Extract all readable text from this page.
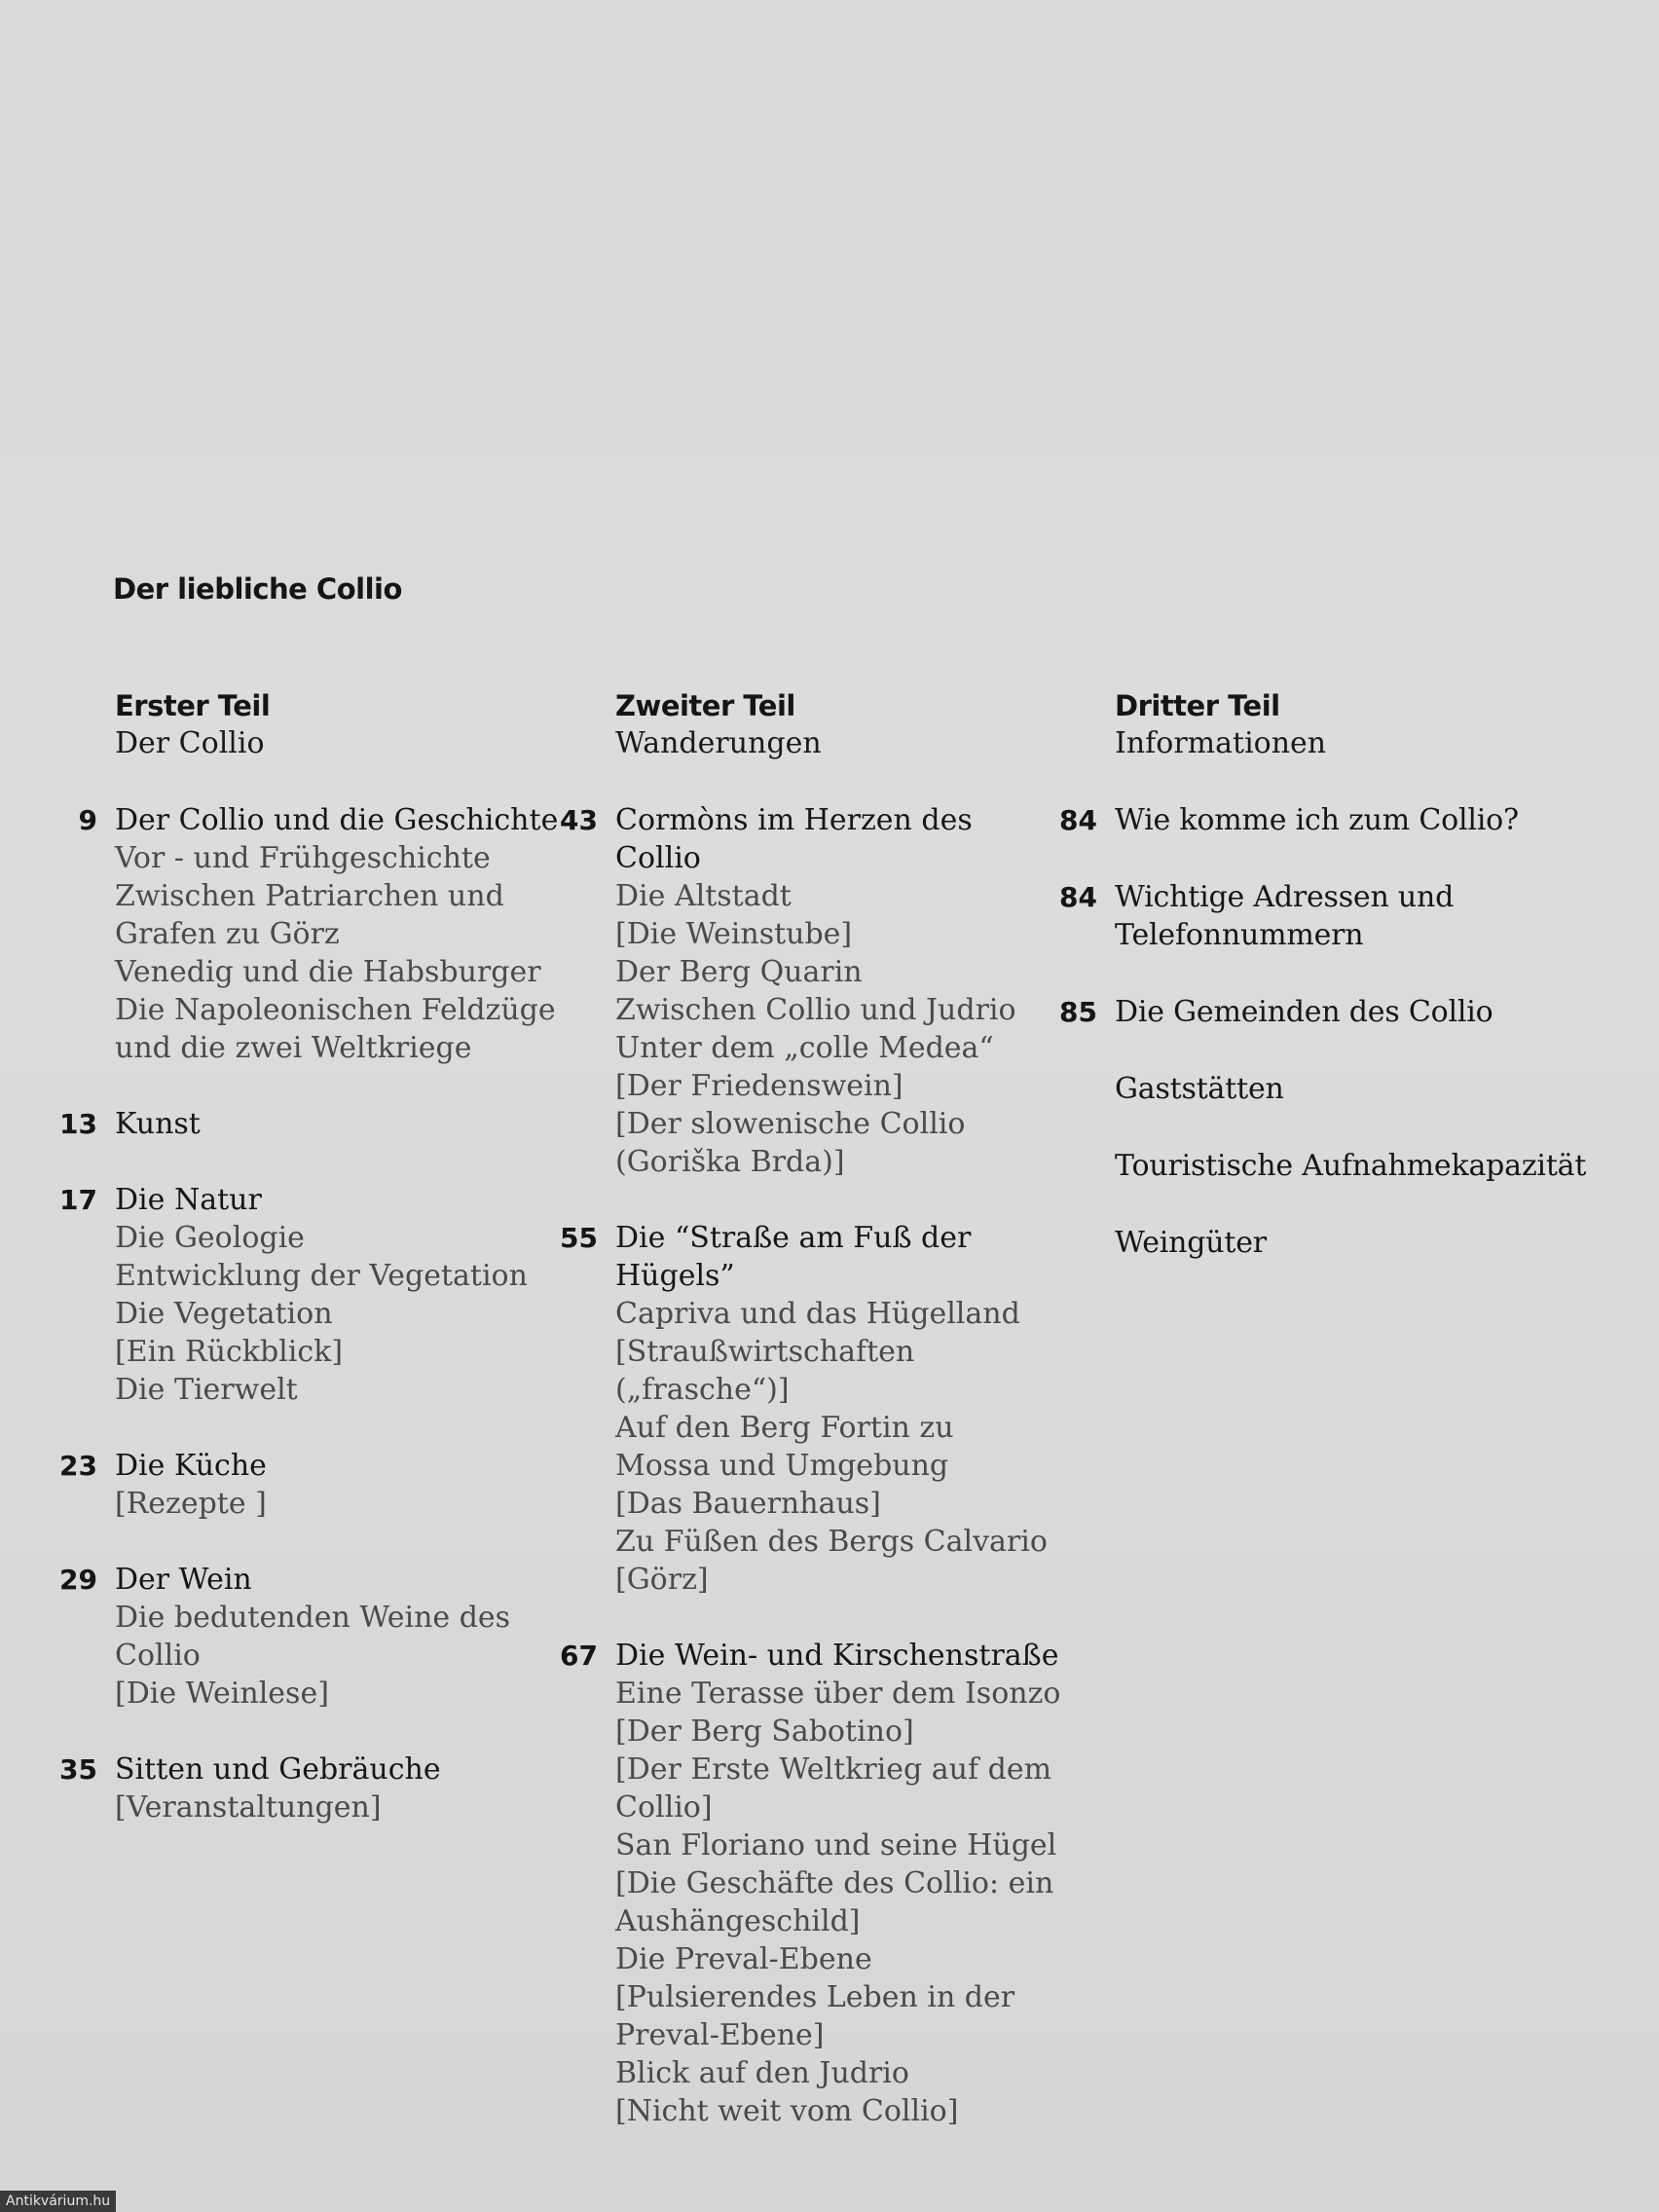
Der liebliche Collio
Erster Teil
Der Collio
9 Der Collio und die Geschichte
Vor - und Frühgeschichte
Zwischen Patriarchen und
Grafen zu Görz
Venedig und die Habsburger
Die Napoleonischen Feldzüge
und die zwei Weltkriege
13 Kunst
17 Die Natur
Die Geologie
Entwicklung der Vegetation
Die Vegetation
[Ein Rückblick]
Die Tierwelt
23 Die Küche
[Rezepte ]
29 Der Wein
Die bedutenden Weine des
Collio
[Die Weinlese]
35 Sitten und Gebräuche
[Veranstaltungen]
Zweiter Teil
Wanderungen
43 Cormòns im Herzen des Collio
Die Altstadt
[Die Weinstube]
Der Berg Quarin
Zwischen Collio und Judrio
Unter dem „colle Medea“
[Der Friedenswein]
[Der slowenische Collio
(Goriška Brda)]
55 Die “Straße am Fuß der Hügels”
Capriva und das Hügelland
[Straußwirtschaften
(„frasche“)]
Auf den Berg Fortin zu
Mossa und Umgebung
[Das Bauernhaus]
Zu Füßen des Bergs Calvario
[Görz]
67 Die Wein- und Kirschenstraße
Eine Terasse über dem Isonzo
[Der Berg Sabotino]
[Der Erste Weltkrieg auf dem
Collio]
San Floriano und seine Hügel
[Die Geschäfte des Collio: ein
Aushängeschild]
Die Preval-Ebene
[Pulsierendes Leben in der
Preval-Ebene]
Blick auf den Judrio
[Nicht weit vom Collio]
Dritter Teil
Informationen
84 Wie komme ich zum Collio?
84 Wichtige Adressen und Telefonnummern
85 Die Gemeinden des Collio
Gaststätten
Touristische Aufnahmekapazität
Weingüter
Antikvárium.hu
